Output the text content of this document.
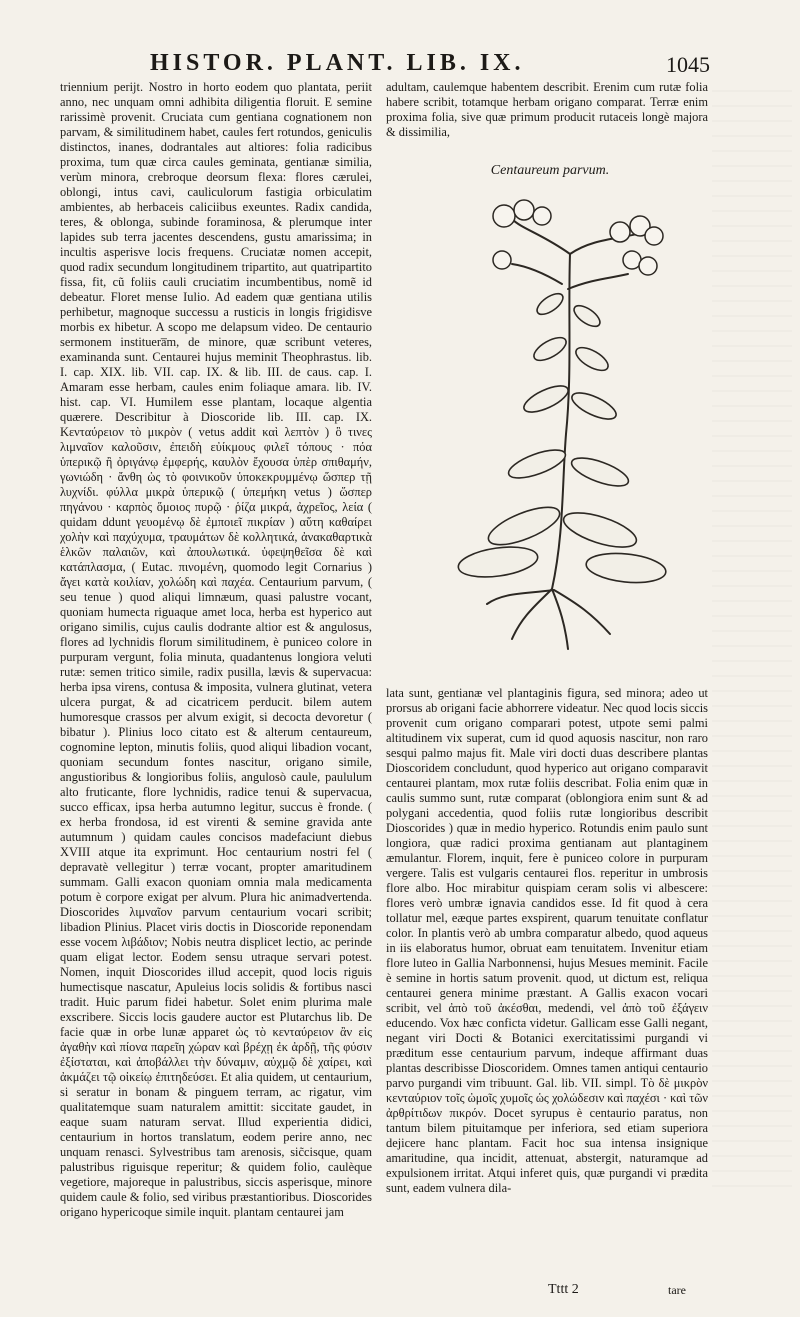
HISTOR. PLANT. LIB. IX.	1045
triennium perijt. Nostro in horto eodem quo plantata, periit anno, nec unquam omni adhibita diligentia floruit. E semine rarissimè provenit. Cruciata cum gentiana cognationem non parvam, & similitudinem habet, caules fert rotundos, geniculis distinctos, inanes, dodrantales aut altiores: folia radicibus proxima, tum quæ circa caules geminata, gentianæ similia, verùm minora, crebroque deorsum flexa: flores cærulei, oblongi, intus cavi, cauliculorum fastigia orbiculatim ambientes, ab herbaceis caliciibus exeuntes. Radix candida, teres, & oblonga, subinde foraminosa, & plerumque inter lapides sub terra jacentes descendens, gustu amarissima; in incultis asperisve locis frequens. Cruciatæ nomen accepit, quod radix secundum longitudinem tripartito, aut quatripartito fissa, fit, cũ foliis cauli cruciatim incumbentibus, nomẽ id debeatur. Floret mense Iulio. Ad eadem quæ gentiana utilis perhibetur, magnoque successu a rusticis in longis frigidisve morbis ex hibetur. A scopo me delapsum video. De centaurio sermonem instituera̅m, de minore, quæ scribunt veteres, examinanda sunt. Centaurei hujus meminit Theophrastus. lib. I. cap. XIX. lib. VII. cap. IX. & lib. III. de caus. cap. I. Amaram esse herbam, caules enim foliaque amara. lib. IV. hist. cap. VI. Humilem esse plantam, locaque algentia quærere. Describitur à Dioscoride lib. III. cap. IX. Κενταύρειον τὸ μικρὸν ( vetus addit καὶ λεπτὸν ) ὃ τινες λιμναῖον καλοῦσιν, ἐπειδὴ εὐίκμους φιλεῖ τόπους · πόα ὑπερικῷ ἢ ὀριγάνῳ ἐμφερής, καυλὸν ἔχουσα ὑπὲρ σπιθαμήν, γωνιώδη · ἄνθη ὡς τὸ φοινικοῦν ὑποκεκρυμμένῳ ὥσπερ τῇ λυχνίδι. φύλλα μικρὰ ὑπερικῷ ( ὑπεμήκη vetus ) ὥσπερ πηγάνου · καρπὸς ὅμοιος πυρῷ · ῥίζα μικρά, ἀχρεῖος, λεία ( quidam ddunt γευομένῳ δὲ ἐμποιεῖ πικρίαν ) αὕτη καθαίρει χολὴν καὶ παχύχυμα, τραυμάτων δὲ κολλητικά, ἀνακαθαρτικὰ ἑλκῶν παλαιῶν, καὶ ἀπουλωτικά. ὑφεψηθεῖσα δὲ καὶ κατάπλασμα, ( Eutac. πινομένη, quomodo legit Cornarius ) ἄγει κατὰ κοιλίαν, χολώδη καὶ παχέα. Centaurium parvum, ( seu tenue ) quod aliqui limnæum, quasi palustre vocant, quoniam humecta riguaque amet loca, herba est hyperico aut origano similis, cujus caulis dodrante altior est & angulosus, flores ad lychnidis florum similitudinem, è puniceo colore in purpuram vergunt, folia minuta, quadantenus longiora veluti rutæ: semen tritico simile, radix pusilla, lævis & supervacua: herba ipsa virens, contusa & imposita, vulnera glutinat, vetera ulcera purgat, & ad cicatricem perducit. bilem autem humoresque crassos per alvum exigit, si decocta devoretur ( bibatur ). Plinius loco citato est & alterum centaureum, cognomine lepton, minutis foliis, quod aliqui libadion vocant, quoniam secundum fontes nascitur, origano simile, angustioribus & longioribus foliis, angulosò caule, paululum alto fruticante, flore lychnidis, radice tenui & supervacua, succo efficax, ipsa herba autumno legitur, succus è fronde. ( ex herba frondosa, id est virenti & semine gravida ante autumnum ) quidam caules concisos madefaciunt diebus XVIII atque ita exprimunt. Hoc centaurium nostri fel ( depravatè vellegitur ) terræ vocant, propter amaritudinem summam. Galli exacon quoniam omnia mala medicamenta potum è corpore exigat per alvum. Plura hic animadvertenda. Dioscorides λιμναῖον parvum centaurium vocari scribit; libadion Plinius. Placet viris doctis in Dioscoride reponendam esse vocem λιβάδιον; Nobis neutra displicet lectio, ac perinde quam eligat lector. Eodem sensu utraque servari potest. Nomen, inquit Dioscorides illud accepit, quod locis riguis humectisque nascatur, Apuleius locis solidis & fortibus nasci tradit. Huic parum fidei habetur. Solet enim plurima male exscribere. Siccis locis gaudere auctor est Plutarchus lib. De facie quæ in orbe lunæ apparet ὡς τὸ κενταύρειον ἂν εἰς ἀγαθὴν καὶ πίονα παρεῖη χώραν καὶ βρέχῃ ἐκ ἀρδῇ, τῆς φύσιν ἐξίσταται, καὶ ἀποβάλλει τὴν δύναμιν, αὐχμῷ δὲ χαίρει, καὶ ἀκμάζει τῷ οἰκείῳ ἐπιτηδεύσει. Et alia quidem, ut centaurium, si seratur in bonam & pinguem terram, ac rigatur, vim qualitatemque suam naturalem amittit: siccitate gaudet, in eaque suam naturam servat. Illud experientia didici, centaurium in hortos translatum, eodem perire anno, nec unquam renasci. Sylvestribus tam arenosis, sic̃cisque, quam palustribus riguisque reperitur; & quidem folio, caulèque vegetiore, majoreque in palustribus, siccis asperisque, minore quidem caule & folio, sed viribus præstantioribus. Dioscorides origano hypericoque simile inquit. plantam centaurei jam
adultam, caulemque habentem describit. Erenim cum rutæ folia habere scribit, totamque herbam origano comparat. Terræ enim proxima folia, sive quæ primum producit rutaceis longè majora & dissimilia,
Centaureum parvum.
lata sunt, gentianæ vel plantaginis figura, sed minora; adeo ut prorsus ab origani facie abhorrere videatur. Nec quod locis siccis provenit cum origano comparari potest, utpote semi palmi altitudinem vix superat, cum id quod aquosis nascitur, non raro sesqui palmo majus fit. Male viri docti duas describere plantas Dioscoridem concludunt, quod hyperico aut origano comparavit centaurei plantam, mox rutæ foliis describat. Folia enim quæ in caulis summo sunt, rutæ comparat (oblongiora enim sunt & ad polygani accedentia, quod foliis rutæ longioribus describit Dioscorides ) quæ in medio hyperico. Rotundis enim paulo sunt longiora, quæ radici proxima gentianam aut plantaginem æmulantur. Florem, inquit, fere è puniceo colore in purpuram vergere. Talis est vulgaris centaurei flos. reperitur in umbrosis flore albo. Hoc mirabitur quispiam ceram solis vi albescere: flores verò umbræ ignavia candidos esse. Id fit quod à cera tollatur mel, eæque partes exspirent, quarum tenuitate conflatur color. In plantis verò ab umbra comparatur albedo, quod aqueus in iis elaboratus humor, obruat eam tenuitatem. Invenitur etiam flore luteo in Gallia Narbonnensi, hujus Mesues meminit. Facile è semine in hortis satum provenit. quod, ut dictum est, reliqua centaurei genera minime præstant. A Gallis exacon vocari scribit, vel ἀπὸ τοῦ ἀκέσθαι, medendi, vel ἀπὸ τοῦ ἐξάγειν educendo. Vox hæc conficta videtur. Gallicam esse Galli negant, negant viri Docti & Botanici exercitatissimi purgandi vi præditum esse centaurium parvum, indeque affirmant duas plantas describisse Dioscoridem. Omnes tamen antiqui centaurio parvo purgandi vim tribuunt. Gal. lib. VII. simpl. Τὸ δὲ μικρὸν κενταύριον τοῖς ὠμοῖς χυμοῖς ὡς χολώδεσιν καὶ παχέσι · καὶ τῶν ἀρθρίτιδων πικρόν. Docet syrupus è centaurio paratus, non tantum bilem pituitamque per inferiora, sed etiam superiora dejicere hanc plantam. Facit hoc sua intensa insignique amaritudine, qua incidit, attenuat, abstergit, naturamque ad expulsionem irritat. Atqui inferet quis, quæ purgandi vi prædita sunt, eadem vulnera dila-
Tttt 2	tare
